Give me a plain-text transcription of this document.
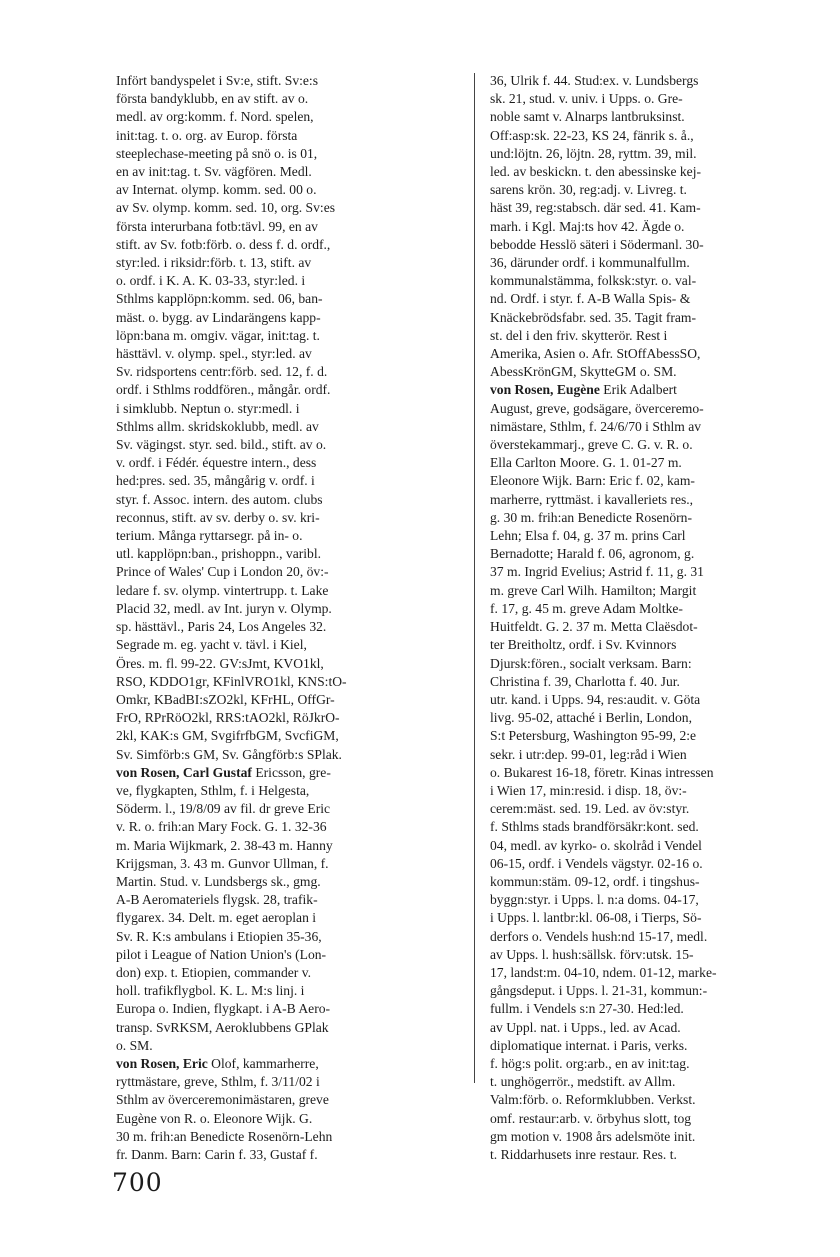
Infört bandyspelet i Sv:e, stift. Sv:e:s
första bandyklubb, en av stift. av o.
medl. av org:komm. f. Nord. spelen,
init:tag. t. o. org. av Europ. första
steeplechase-meeting på snö o. is 01,
en av init:tag. t. Sv. vägfören. Medl.
av Internat. olymp. komm. sed. 00 o.
av Sv. olymp. komm. sed. 10, org. Sv:es
första interurbana fotb:tävl. 99, en av
stift. av Sv. fotb:förb. o. dess f. d. ordf.,
styr:led. i riksidr:förb. t. 13, stift. av
o. ordf. i K. A. K. 03-33, styr:led. i
Sthlms kapplöpn:komm. sed. 06, ban-
mäst. o. bygg. av Lindarängens kapp-
löpn:bana m. omgiv. vägar, init:tag. t.
hästtävl. v. olymp. spel., styr:led. av
Sv. ridsportens centr:förb. sed. 12, f. d.
ordf. i Sthlms roddfören., mångår. ordf.
i simklubb. Neptun o. styr:medl. i
Sthlms allm. skridskoklubb, medl. av
Sv. vägingst. styr. sed. bild., stift. av o.
v. ordf. i Fédér. équestre intern., dess
hed:pres. sed. 35, mångårig v. ordf. i
styr. f. Assoc. intern. des autom. clubs
reconnus, stift. av sv. derby o. sv. kri-
terium. Många ryttarsegr. på in- o.
utl. kapplöpn:ban., prishoppn., varibl.
Prince of Wales' Cup i London 20, öv:-
ledare f. sv. olymp. vintertrupp. t. Lake
Placid 32, medl. av Int. juryn v. Olymp.
sp. hästtävl., Paris 24, Los Angeles 32.
Segrade m. eg. yacht v. tävl. i Kiel,
Öres. m. fl. 99-22. GV:sJmt, KVO1kl,
RSO, KDDO1gr, KFinlVRO1kl, KNS:tO-
Omkr, KBadBI:sZO2kl, KFrHL, OffGr-
FrO, RPrRöO2kl, RRS:tAO2kl, RöJkrO-
2kl, KAK:s GM, SvgifrfbGM, SvcfiGM,
Sv. Simförb:s GM, Sv. Gångförb:s SPlak.
von Rosen, Carl Gustaf Ericsson, gre-
ve, flygkapten, Sthlm, f. i Helgesta,
Söderm. l., 19/8/09 av fil. dr greve Eric
v. R. o. frih:an Mary Fock. G. 1. 32-36
m. Maria Wijkmark, 2. 38-43 m. Hanny
Krijgsman, 3. 43 m. Gunvor Ullman, f.
Martin. Stud. v. Lundsbergs sk., gmg.
A-B Aeromateriels flygsk. 28, trafik-
flygarex. 34. Delt. m. eget aeroplan i
Sv. R. K:s ambulans i Etiopien 35-36,
pilot i League of Nation Union's (Lon-
don) exp. t. Etiopien, commander v.
holl. trafikflygbol. K. L. M:s linj. i
Europa o. Indien, flygkapt. i A-B Aero-
transp. SvRKSM, Aeroklubbens GPlak
o. SM.
von Rosen, Eric Olof, kammarherre,
ryttmästare, greve, Sthlm, f. 3/11/02 i
Sthlm av överceremonimästaren, greve
Eugène von R. o. Eleonore Wijk. G.
30 m. frih:an Benedicte Rosenörn-Lehn
fr. Danm. Barn: Carin f. 33, Gustaf f.
36, Ulrik f. 44. Stud:ex. v. Lundsbergs
sk. 21, stud. v. univ. i Upps. o. Gre-
noble samt v. Alnarps lantbruksinst.
Off:asp:sk. 22-23, KS 24, fänrik s. å.,
und:löjtn. 26, löjtn. 28, ryttm. 39, mil.
led. av beskickn. t. den abessinske kej-
sarens krön. 30, reg:adj. v. Livreg. t.
häst 39, reg:stabsch. där sed. 41. Kam-
marh. i Kgl. Maj:ts hov 42. Ägde o.
bebodde Hesslö säteri i Södermanl. 30-
36, därunder ordf. i kommunalfullm.
kommunalstämma, folksk:styr. o. val-
nd. Ordf. i styr. f. A-B Walla Spis- &
Knäckebrödsfabr. sed. 35. Tagit fram-
st. del i den friv. skytterör. Rest i
Amerika, Asien o. Afr. StOffAbessSO,
AbessKrönGM, SkytteGM o. SM.
von Rosen, Eugène Erik Adalbert
August, greve, godsägare, överceremo-
nimästare, Sthlm, f. 24/6/70 i Sthlm av
överstekammarj., greve C. G. v. R. o.
Ella Carlton Moore. G. 1. 01-27 m.
Eleonore Wijk. Barn: Eric f. 02, kam-
marherre, ryttmäst. i kavalleriets res.,
g. 30 m. frih:an Benedicte Rosenörn-
Lehn; Elsa f. 04, g. 37 m. prins Carl
Bernadotte; Harald f. 06, agronom, g.
37 m. Ingrid Evelius; Astrid f. 11, g. 31
m. greve Carl Wilh. Hamilton; Margit
f. 17, g. 45 m. greve Adam Moltke-
Huitfeldt. G. 2. 37 m. Metta Claësdot-
ter Breitholtz, ordf. i Sv. Kvinnors
Djursk:fören., socialt verksam. Barn:
Christina f. 39, Charlotta f. 40. Jur.
utr. kand. i Upps. 94, res:audit. v. Göta
livg. 95-02, attaché i Berlin, London,
S:t Petersburg, Washington 95-99, 2:e
sekr. i utr:dep. 99-01, leg:råd i Wien
o. Bukarest 16-18, företr. Kinas intressen
i Wien 17, min:resid. i disp. 18, öv:-
cerem:mäst. sed. 19. Led. av öv:styr.
f. Sthlms stads brandförsäkr:kont. sed.
04, medl. av kyrko- o. skolråd i Vendel
06-15, ordf. i Vendels vägstyr. 02-16 o.
kommun:stäm. 09-12, ordf. i tingshus-
byggn:styr. i Upps. l. n:a doms. 04-17,
i Upps. l. lantbr:kl. 06-08, i Tierps, Sö-
derfors o. Vendels hush:nd 15-17, medl.
av Upps. l. hush:sällsk. förv:utsk. 15-
17, landst:m. 04-10, ndem. 01-12, marke-
gångsdeput. i Upps. l. 21-31, kommun:-
fullm. i Vendels s:n 27-30. Hed:led.
av Uppl. nat. i Upps., led. av Acad.
diplomatique internat. i Paris, verks.
f. hög:s polit. org:arb., en av init:tag.
t. unghögerrör., medstift. av Allm.
Valm:förb. o. Reformklubben. Verkst.
omf. restaur:arb. v. örbyhus slott, tog
gm motion v. 1908 års adelsmöte init.
t. Riddarhusets inre restaur. Res. t.
700
